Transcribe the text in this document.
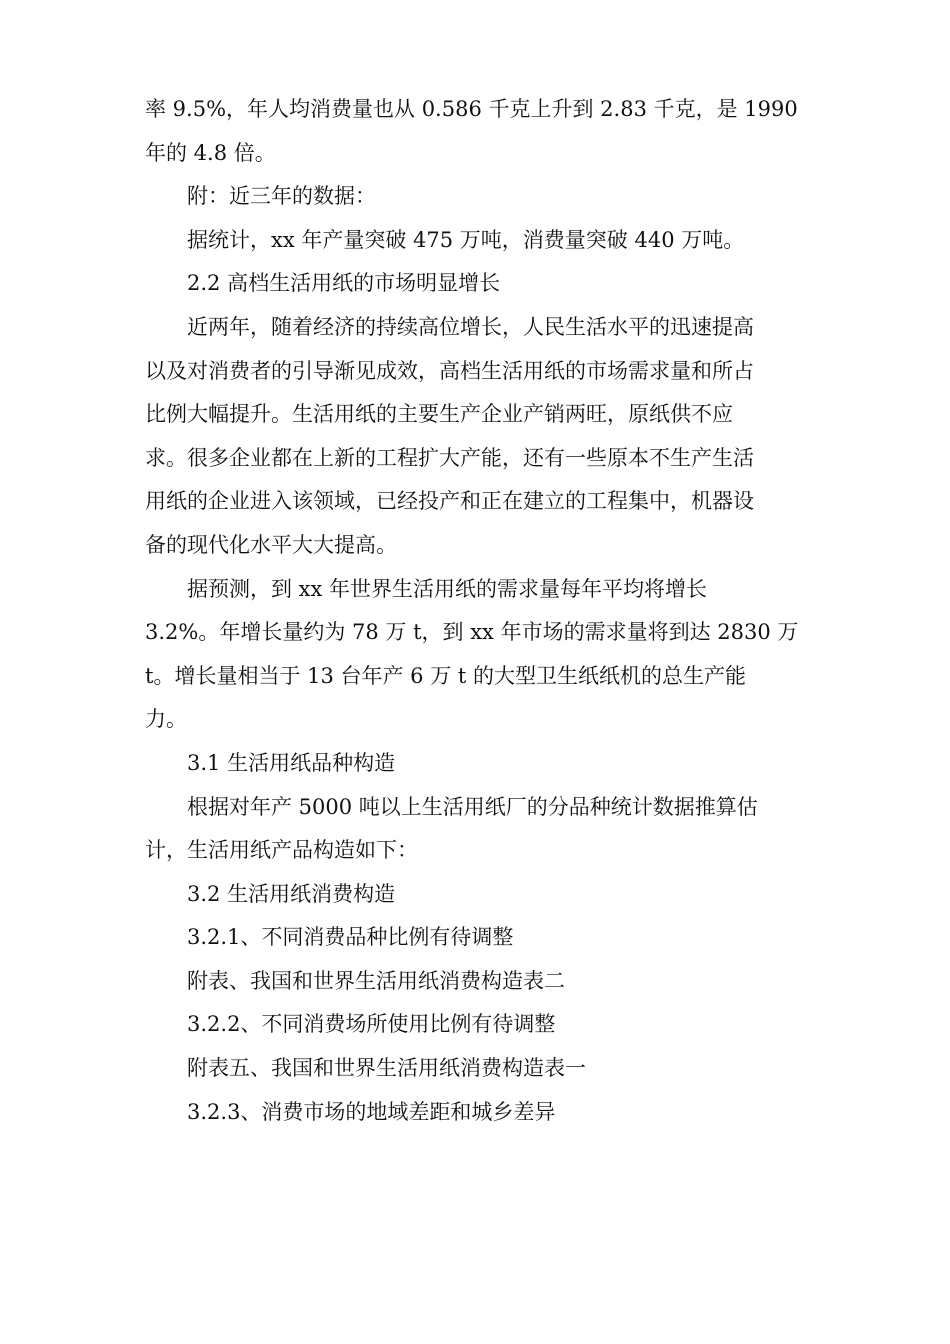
率 9.5%，年人均消费量也从 0.586 千克上升到 2.83 千克，是 1990
年的 4.8 倍。
附：近三年的数据：
据统计，xx 年产量突破 475 万吨，消费量突破 440 万吨。
2.2 高档生活用纸的市场明显增长
近两年，随着经济的持续高位增长，人民生活水平的迅速提高
以及对消费者的引导渐见成效，高档生活用纸的市场需求量和所占
比例大幅提升。生活用纸的主要生产企业产销两旺，原纸供不应
求。很多企业都在上新的工程扩大产能，还有一些原本不生产生活
用纸的企业进入该领域，已经投产和正在建立的工程集中，机器设
备的现代化水平大大提高。
据预测，到 xx 年世界生活用纸的需求量每年平均将增长
3.2%。年增长量约为 78 万 t，到 xx 年市场的需求量将到达 2830 万
t。增长量相当于 13 台年产 6 万 t 的大型卫生纸纸机的总生产能
力。
3.1 生活用纸品种构造
根据对年产 5000 吨以上生活用纸厂的分品种统计数据推算估
计，生活用纸产品构造如下：
3.2 生活用纸消费构造
3.2.1、不同消费品种比例有待调整
附表、我国和世界生活用纸消费构造表二
3.2.2、不同消费场所使用比例有待调整
附表五、我国和世界生活用纸消费构造表一
3.2.3、消费市场的地域差距和城乡差异
